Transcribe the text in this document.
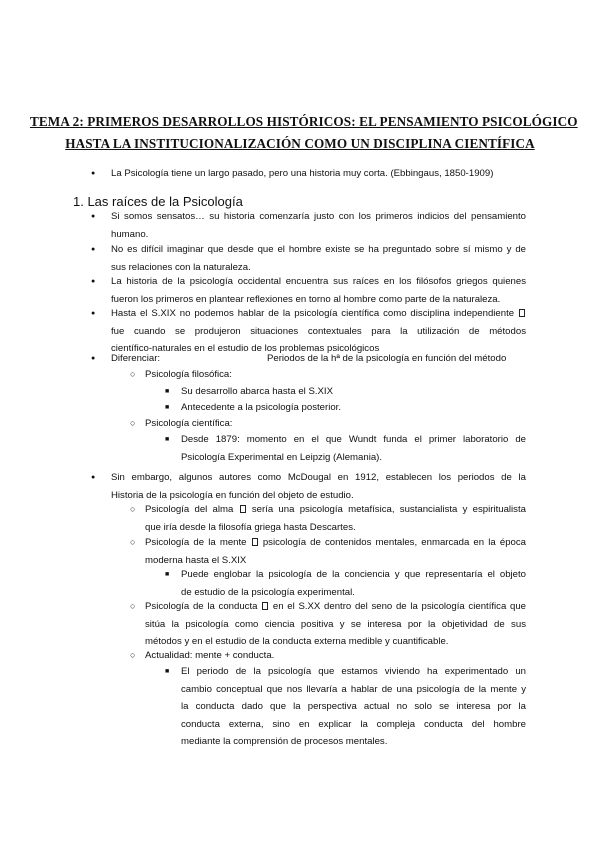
TEMA 2: PRIMEROS DESARROLLOS HISTÓRICOS: EL PENSAMIENTO PSICOLÓGICO
HASTA LA INSTITUCIONALIZACIÓN COMO UN DISCIPLINA CIENTÍFICA
● La Psicología tiene un largo pasado, pero una historia muy corta. (Ebbingaus, 1850-1909)
1. Las raíces de la Psicología
● Si somos sensatos… su historia comenzaría justo con los primeros indicios del pensamiento
humano.
● No es difícil imaginar que desde que el hombre existe se ha preguntado sobre sí mismo y de
sus relaciones con la naturaleza.
● La historia de la psicología occidental encuentra sus raíces en los filósofos griegos quienes
fueron los primeros en plantear reflexiones en torno al hombre como parte de la naturaleza.
● Hasta el S.XIX no podemos hablar de la psicología científica como disciplina independiente
fue cuando se produjeron situaciones contextuales para la utilización de métodos
científico-naturales en el estudio de los problemas psicológicos
● Diferenciar:	Periodos de la hª de la psicología en función del método
○ Psicología filosófica:
■ Su desarrollo abarca hasta el S.XIX
■ Antecedente a la psicología posterior.
○ Psicología científica:
■ Desde 1879: momento en el que Wundt funda el primer laboratorio de
Psicología Experimental en Leipzig (Alemania).
● Sin embargo, algunos autores como McDougal en 1912, establecen los periodos de la
Historia de la psicología en función del objeto de estudio.
○ Psicología del alma sería una psicología metafísica, sustancialista y espiritualista
que iría desde la filosofía griega hasta Descartes.
○ Psicología de la mente psicología de contenidos mentales, enmarcada en la época
moderna hasta el S.XIX
■ Puede englobar la psicología de la conciencia y que representaría el objeto
de estudio de la psicología experimental.
○ Psicología de la conducta en el S.XX dentro del seno de la psicología científica que
sitúa la psicología como ciencia positiva y se interesa por la objetividad de sus
métodos y en el estudio de la conducta externa medible y cuantificable.
○ Actualidad: mente + conducta.
■ El periodo de la psicología que estamos viviendo ha experimentado un
cambio conceptual que nos llevaría a hablar de una psicología de la mente y
la conducta dado que la perspectiva actual no solo se interesa por la
conducta externa, sino en explicar la compleja conducta del hombre
mediante la comprensión de procesos mentales.
